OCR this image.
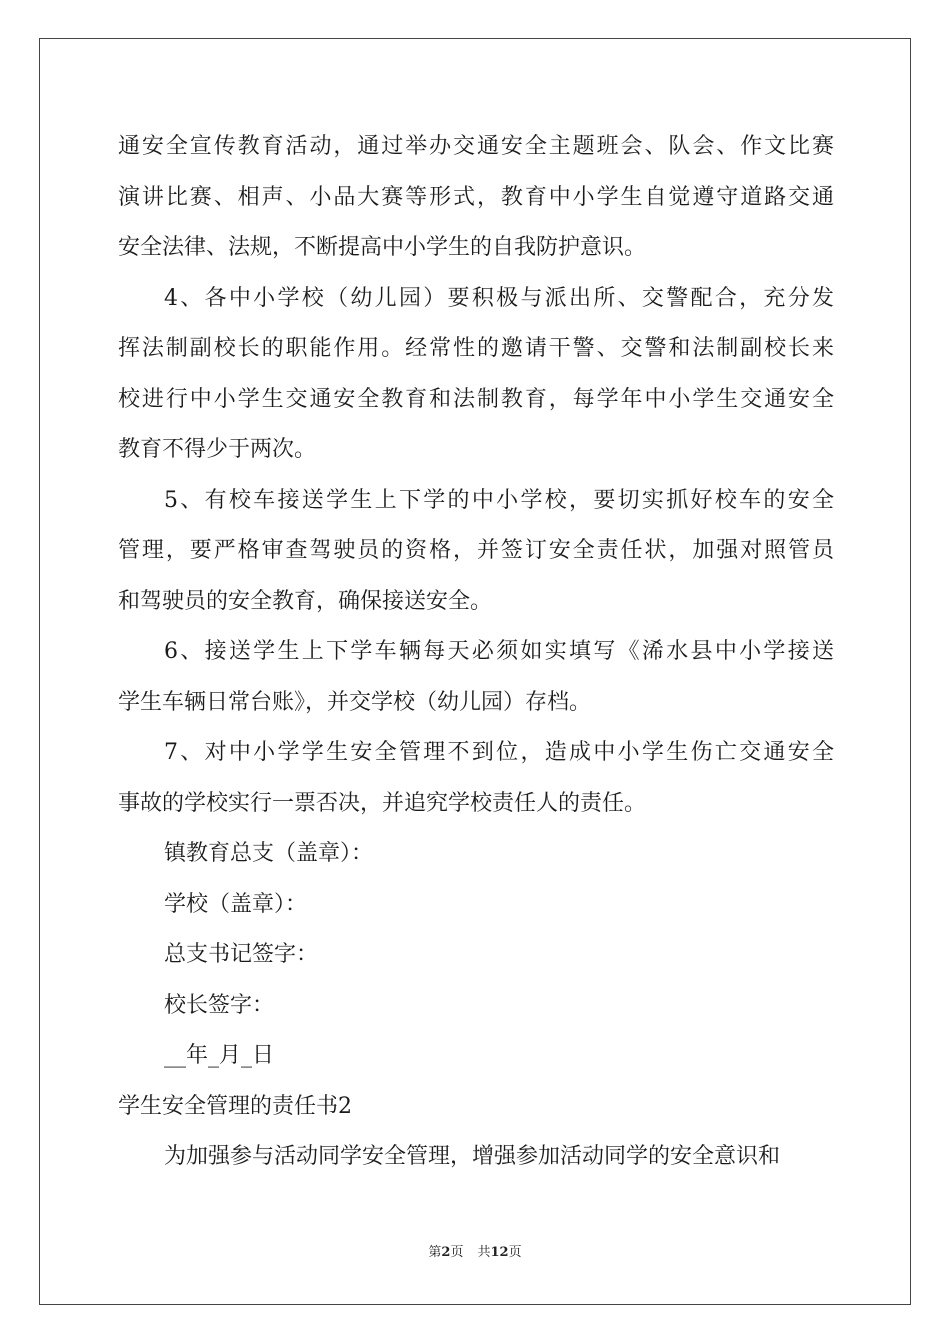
通安全宣传教育活动，通过举办交通安全主题班会、队会、作文比赛
演讲比赛、相声、小品大赛等形式，教育中小学生自觉遵守道路交通
安全法律、法规，不断提高中小学生的自我防护意识。
4、各中小学校（幼儿园）要积极与派出所、交警配合，充分发
挥法制副校长的职能作用。经常性的邀请干警、交警和法制副校长来
校进行中小学生交通安全教育和法制教育，每学年中小学生交通安全
教育不得少于两次。
5、有校车接送学生上下学的中小学校，要切实抓好校车的安全
管理，要严格审查驾驶员的资格，并签订安全责任状，加强对照管员
和驾驶员的安全教育，确保接送安全。
6、接送学生上下学车辆每天必须如实填写《浠水县中小学接送
学生车辆日常台账》，并交学校（幼儿园）存档。
7、对中小学学生安全管理不到位，造成中小学生伤亡交通安全
事故的学校实行一票否决，并追究学校责任人的责任。
镇教育总支（盖章）：
学校（盖章）：
总支书记签字：
校长签字：
__年_月_日
学生安全管理的责任书2
为加强参与活动同学安全管理，增强参加活动同学的安全意识和
第2页 共12页
